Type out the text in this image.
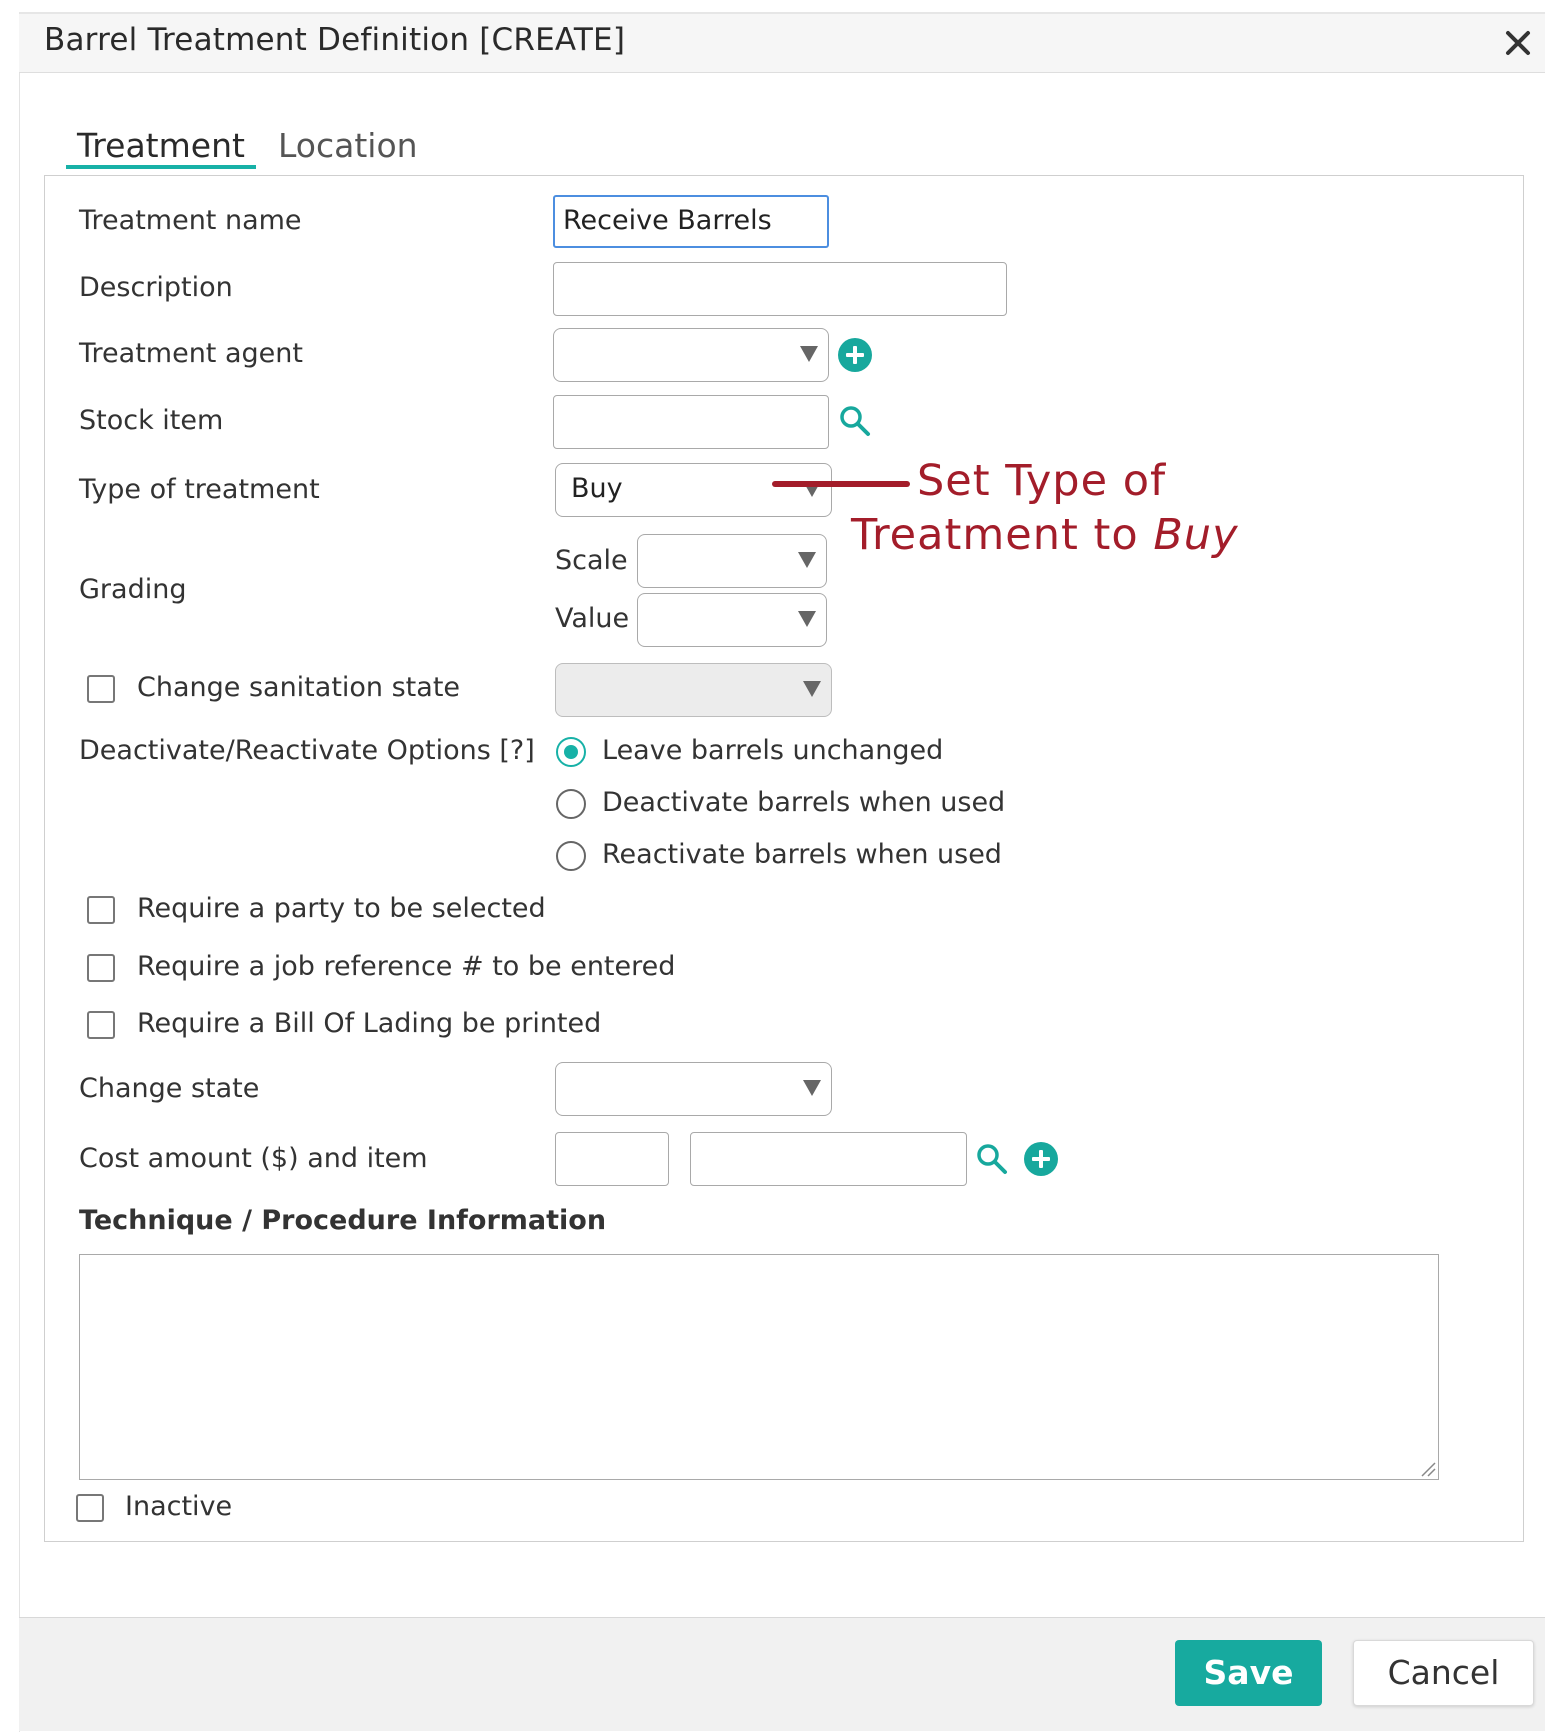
Barrel Treatment Definition [CREATE]
Treatment Location
Treatment name	Receive Barrels
Description
Treatment agent
Stock item
Type of treatment	Buy	Set Type of
Treatment to Buy
Grading
Scale
Value
Change sanitation state
Deactivate/Reactivate Options [?] Leave barrels unchanged
Deactivate barrels when used
Reactivate barrels when used
Require a party to be selected
Require a job reference # to be entered
Require a Bill Of Lading be printed
Change state
Cost amount ($) and item
Technique / Procedure Information
Inactive
Save	Cancel
